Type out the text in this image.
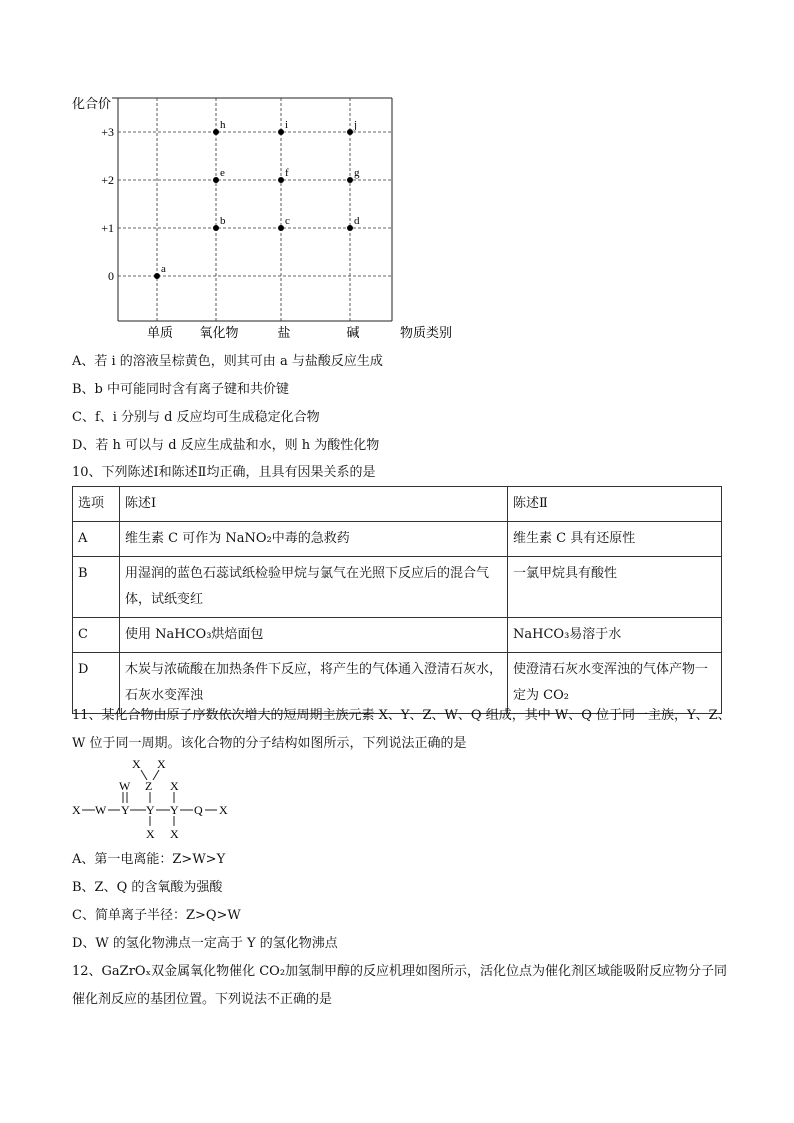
0
+1
+2
+3
化合价
单质 氧化物	盐	碱	物质类别
a
b	c	d
e	f	g
h	i	j
A、若 i 的溶液呈棕黄色，则其可由 a 与盐酸反应生成
B、b 中可能同时含有离子键和共价键
C、f、i 分别与 d 反应均可生成稳定化合物
D、若 h 可以与 d 反应生成盐和水，则 h 为酸性化物
10、下列陈述Ⅰ和陈述Ⅱ均正确，且具有因果关系的是
选项	陈述Ⅰ	陈述Ⅱ
A	维生素 C 可作为 NaNO₂中毒的急救药	维生素 C 具有还原性
B	用湿润的蓝色石蕊试纸检验甲烷与氯气在光照下反应后的混合气体，试纸变红	一氯甲烷具有酸性
C	使用 NaHCO₃烘焙面包	NaHCO₃易溶于水
D	木炭与浓硫酸在加热条件下反应，将产生的气体通入澄清石灰水，石灰水变浑浊	使澄清石灰水变浑浊的气体产物一定为 CO₂
11、某化合物由原子序数依次增大的短周期主族元素 X、Y、Z、W、Q 组成，其中 W、Q 位于同一主族，Y、Z、W 位于同一周期。该化合物的分子结构如图所示，下列说法正确的是
X X
W Z X
X W Y Y Y Q X
X X
A、第一电离能：Z>W>Y
B、Z、Q 的含氧酸为强酸
C、简单离子半径：Z>Q>W
D、W 的氢化物沸点一定高于 Y 的氢化物沸点
12、GaZrOₓ双金属氧化物催化 CO₂加氢制甲醇的反应机理如图所示，活化位点为催化剂区域能吸附反应物分子同催化剂反应的基团位置。下列说法不正确的是
